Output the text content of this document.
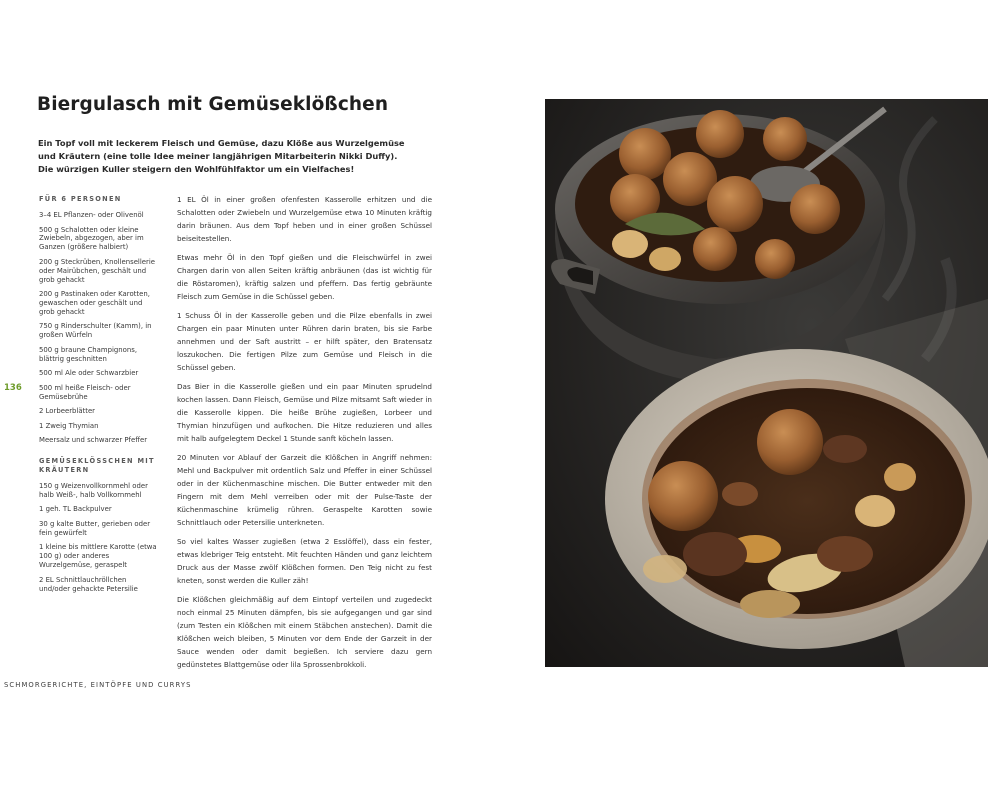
Biergulasch mit Gemüseklößchen
Ein Topf voll mit leckerem Fleisch und Gemüse, dazu Klöße aus Wurzelgemüse
und Kräutern (eine tolle Idee meiner langjährigen Mitarbeiterin Nikki Duffy).
Die würzigen Kuller steigern den Wohlfühlfaktor um ein Vielfaches!
FÜR 6 PERSONEN
3–4 EL Pflanzen- oder Olivenöl
500 g Schalotten oder kleine Zwiebeln, abgezogen, aber im Ganzen (größere halbiert)
200 g Steckrüben, Knollensellerie oder Mairübchen, geschält und grob gehackt
200 g Pastinaken oder Karotten, gewaschen oder geschält und grob gehackt
750 g Rinderschulter (Kamm), in großen Würfeln
500 g braune Champignons, blättrig geschnitten
500 ml Ale oder Schwarzbier
500 ml heiße Fleisch- oder Gemüsebrühe
2 Lorbeerblätter
1 Zweig Thymian
Meersalz und schwarzer Pfeffer
GEMÜSEKLÖSSCHEN MIT KRÄUTERN
150 g Weizenvollkornmehl oder halb Weiß-, halb Vollkornmehl
1 geh. TL Backpulver
30 g kalte Butter, gerieben oder fein gewürfelt
1 kleine bis mittlere Karotte (etwa 100 g) oder anderes Wurzelgemüse, geraspelt
2 EL Schnittlauchröllchen und/oder gehackte Petersilie
136

1 EL Öl in einer großen ofenfesten Kasserolle erhitzen und die Schalotten oder Zwiebeln und Wurzelgemüse etwa 10 Minuten kräftig darin bräunen. Aus dem Topf heben und in einer großen Schüssel beiseitestellen.

Etwas mehr Öl in den Topf gießen und die Fleischwürfel in zwei Chargen darin von allen Seiten kräftig anbräunen (das ist wichtig für die Röstaromen), kräftig salzen und pfeffern. Das fertig gebräunte Fleisch zum Gemüse in die Schüssel geben.

1 Schuss Öl in der Kasserolle geben und die Pilze ebenfalls in zwei Chargen ein paar Minuten unter Rühren darin braten, bis sie Farbe annehmen und der Saft austritt – er hilft später, den Bratensatz loszukochen. Die fertigen Pilze zum Gemüse und Fleisch in die Schüssel geben.

Das Bier in die Kasserolle gießen und ein paar Minuten sprudelnd kochen lassen. Dann Fleisch, Gemüse und Pilze mitsamt Saft wieder in die Kasserolle kippen. Die heiße Brühe zugießen, Lorbeer und Thymian hinzufügen und aufkochen. Die Hitze reduzieren und alles mit halb aufgelegtem Deckel 1 Stunde sanft köcheln lassen.

20 Minuten vor Ablauf der Garzeit die Klößchen in Angriff nehmen: Mehl und Backpulver mit ordentlich Salz und Pfeffer in einer Schüssel oder in der Küchenmaschine mischen. Die Butter entweder mit den Fingern mit dem Mehl verreiben oder mit der Pulse-Taste der Küchenmaschine krümelig rühren. Geraspelte Karotten sowie Schnittlauch oder Petersilie unterkneten.

So viel kaltes Wasser zugießen (etwa 2 Esslöffel), dass ein fester, etwas klebriger Teig entsteht. Mit feuchten Händen und ganz leichtem Druck aus der Masse zwölf Klößchen formen. Den Teig nicht zu fest kneten, sonst werden die Kuller zäh!

Die Klößchen gleichmäßig auf dem Eintopf verteilen und zugedeckt noch einmal 25 Minuten dämpfen, bis sie aufgegangen und gar sind (zum Testen ein Klößchen mit einem Stäbchen anstechen). Damit die Klößchen weich bleiben, 5 Minuten vor dem Ende der Garzeit in der Sauce wenden oder damit begießen. Ich serviere dazu gern gedünstetes Blattgemüse oder lila Sprossenbrokkoli.

SCHMORGERICHTE, EINTÖPFE UND CURRYS
